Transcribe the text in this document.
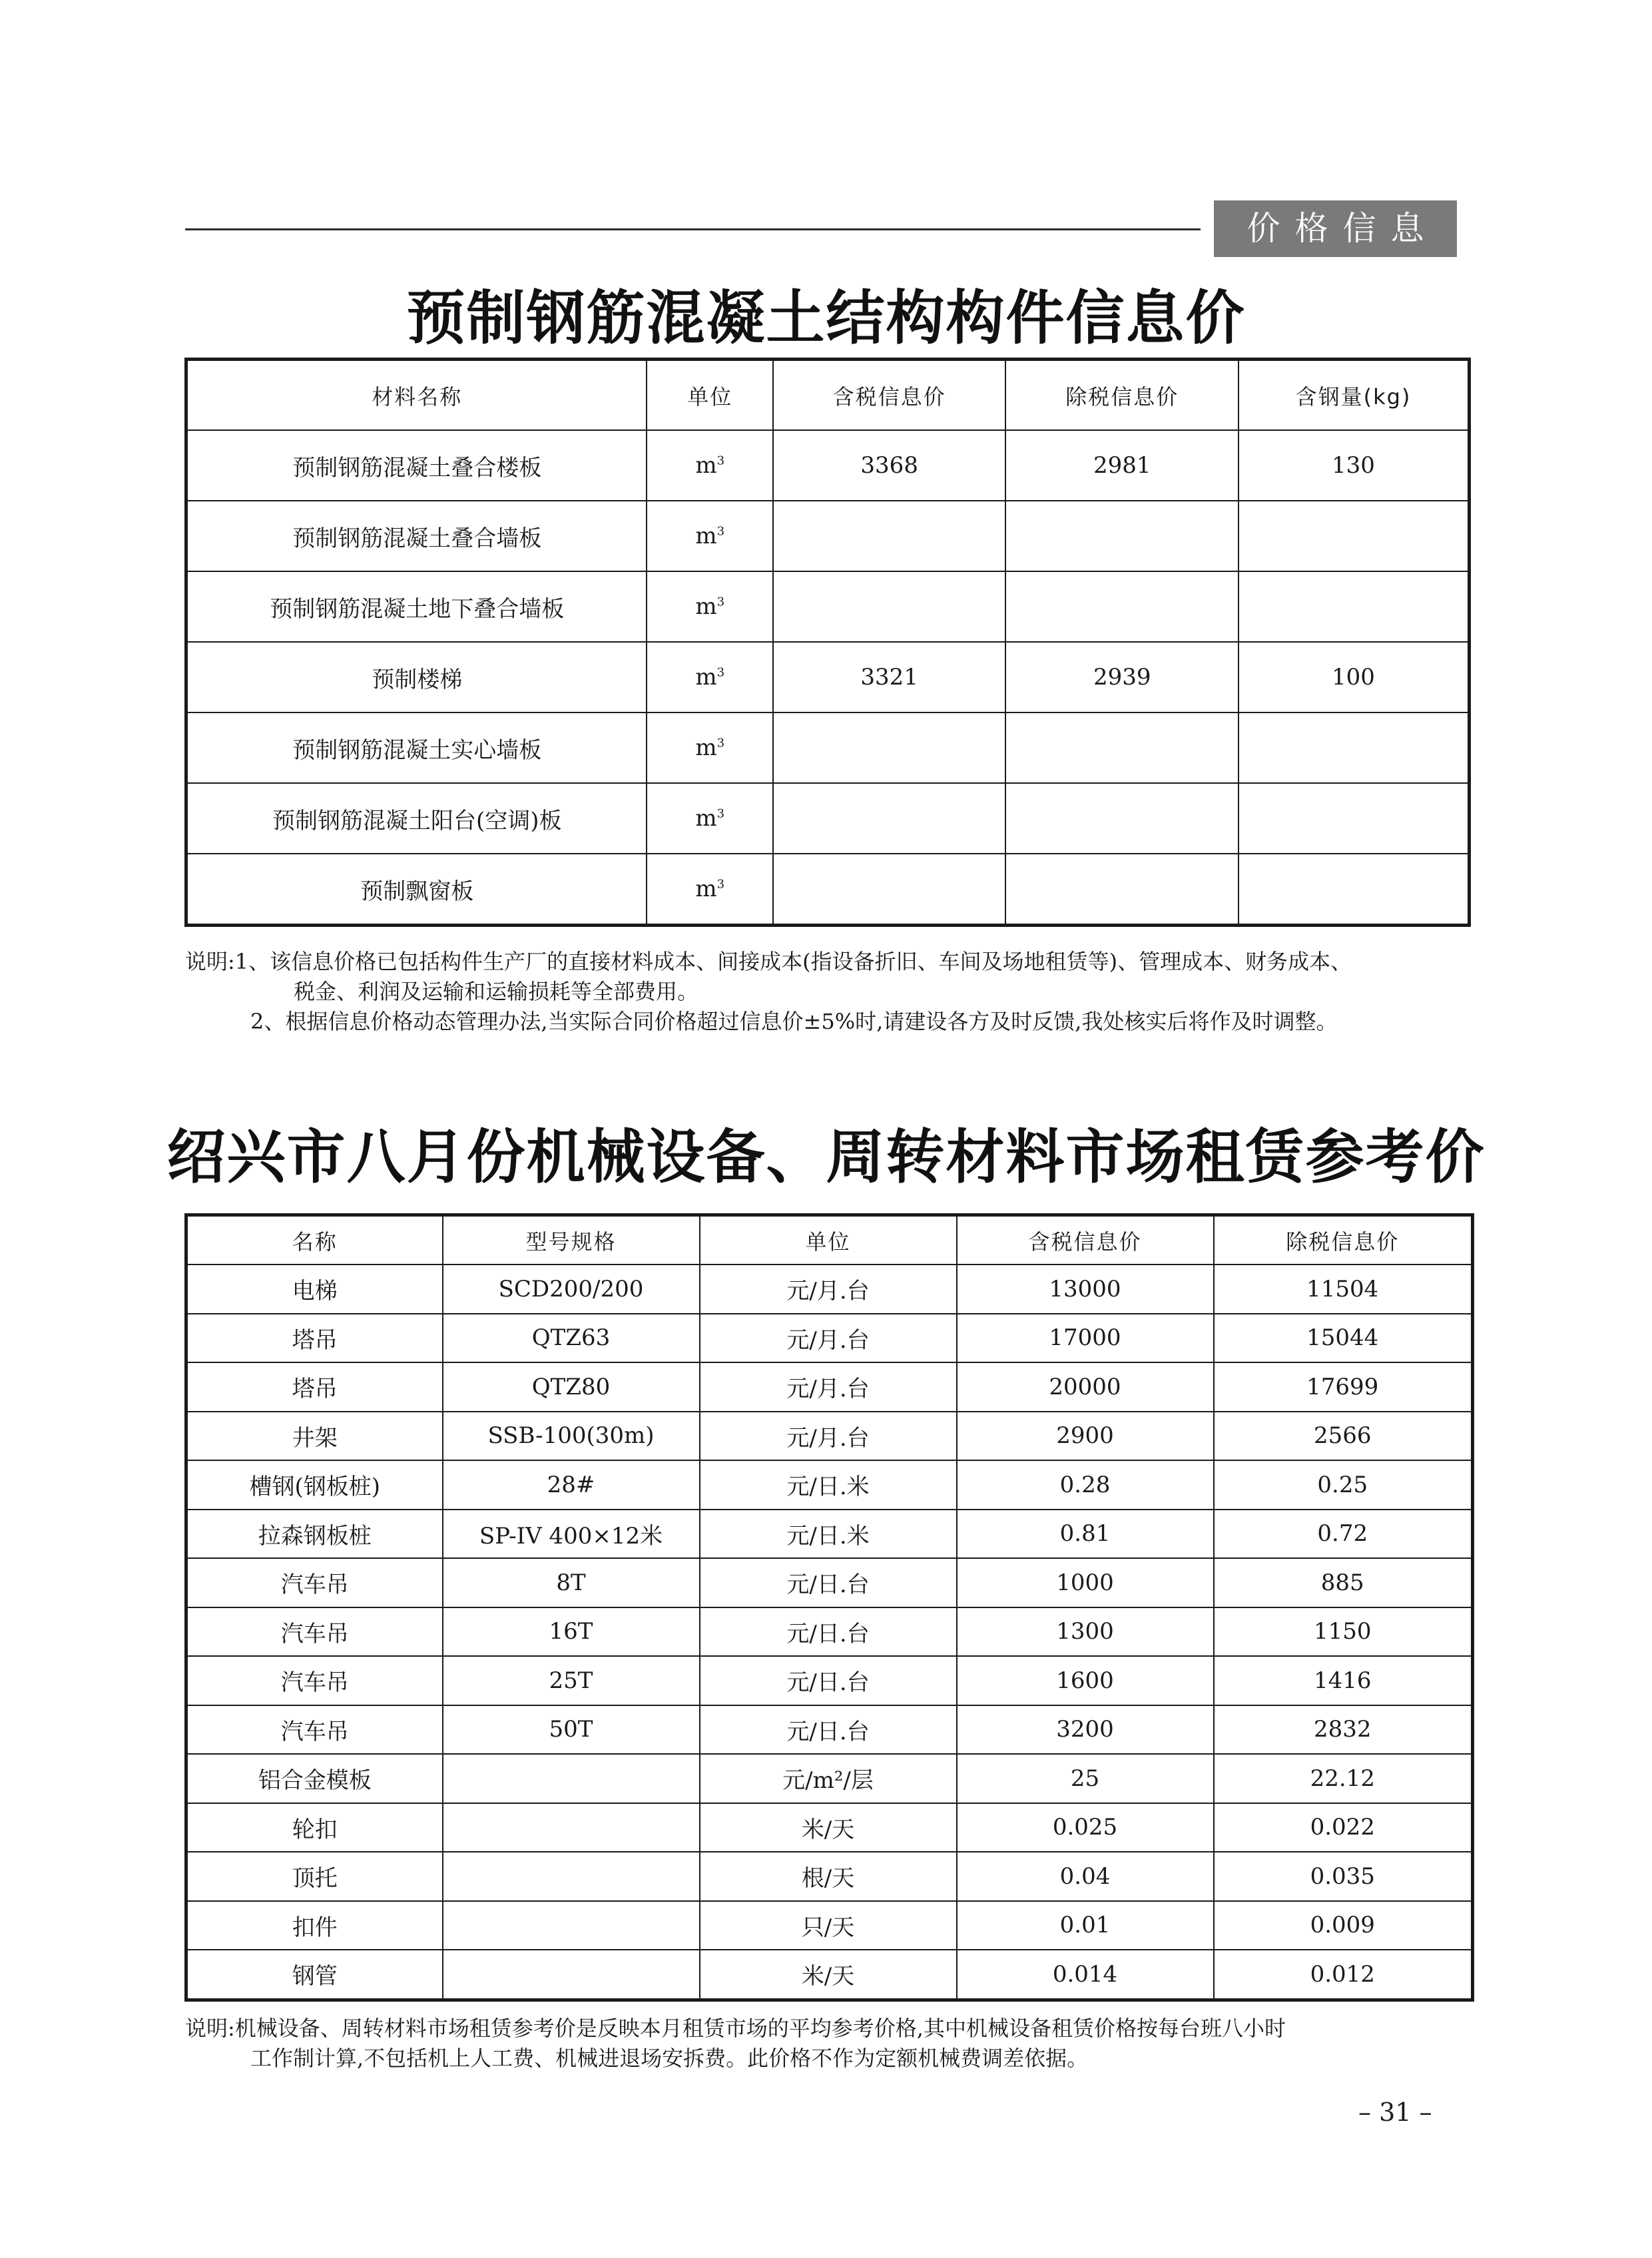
价格信息
预制钢筋混凝土结构构件信息价
材料名称	单位	含税信息价	除税信息价	含钢量(kg)
预制钢筋混凝土叠合楼板	$m^3$	3368	2981	130
预制钢筋混凝土叠合墙板	$m^3$			
预制钢筋混凝土地下叠合墙板	$m^3$			
预制楼梯	$m^3$	3321	2939	100
预制钢筋混凝土实心墙板	$m^3$			
预制钢筋混凝土阳台(空调)板	$m^3$			
预制飘窗板	$m^3$			
说明:1、该信息价格已包括构件生产厂的直接材料成本、间接成本(指设备折旧、车间及场地租赁等)、管理成本、财务成本、
税金、利润及运输和运输损耗等全部费用。
2、根据信息价格动态管理办法,当实际合同价格超过信息价±5%时,请建设各方及时反馈,我处核实后将作及时调整。
绍兴市八月份机械设备、周转材料市场租赁参考价
名称	型号规格	单位	含税信息价	除税信息价
电梯	SCD200/200	元/月.台	13000	11504
塔吊	QTZ63	元/月.台	17000	15044
塔吊	QTZ80	元/月.台	20000	17699
井架	SSB-100(30m)	元/月.台	2900	2566
槽钢(钢板桩)	28#	元/日.米	0.28	0.25
拉森钢板桩	SP-IV 400×12米	元/日.米	0.81	0.72
汽车吊	8T	元/日.台	1000	885
汽车吊	16T	元/日.台	1300	1150
汽车吊	25T	元/日.台	1600	1416
汽车吊	50T	元/日.台	3200	2832
铝合金模板		元/m²/层	25	22.12
轮扣		米/天	0.025	0.022
顶托		根/天	0.04	0.035
扣件		只/天	0.01	0.009
钢管		米/天	0.014	0.012
说明:机械设备、周转材料市场租赁参考价是反映本月租赁市场的平均参考价格,其中机械设备租赁价格按每台班八小时
工作制计算,不包括机上人工费、机械进退场安拆费。此价格不作为定额机械费调差依据。
– 31 –
